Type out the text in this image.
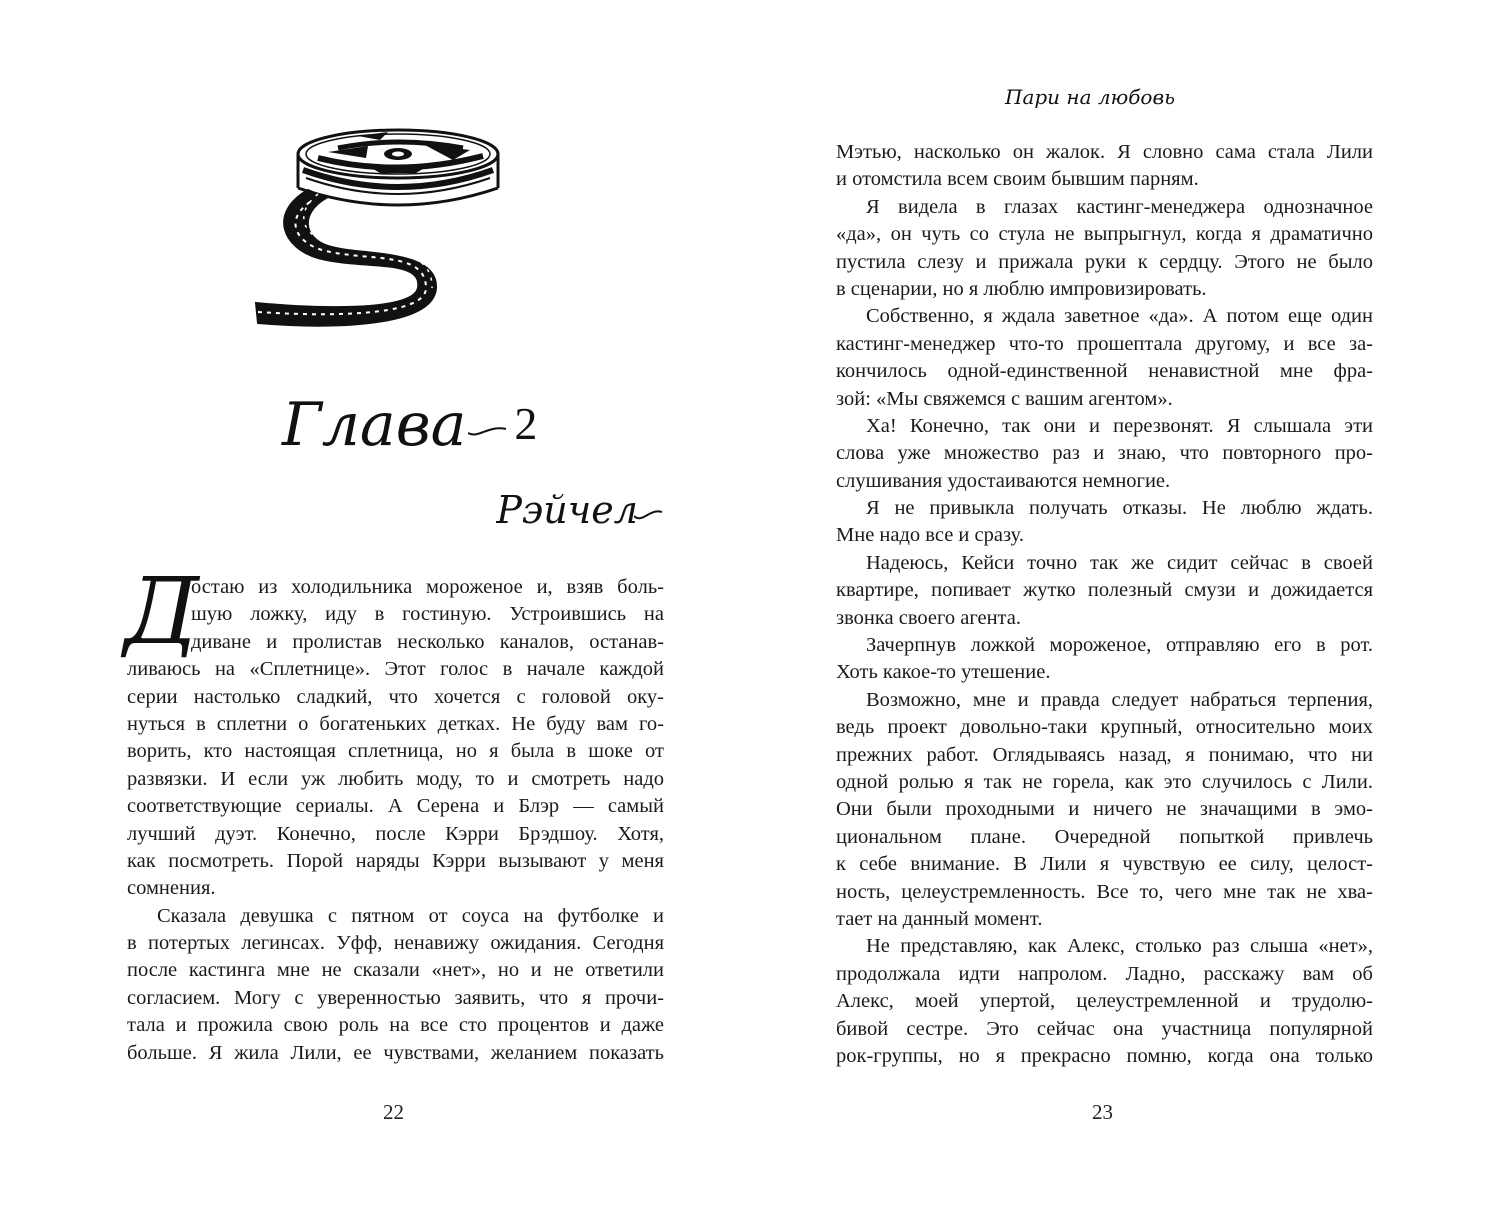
Глава 2
Рэйчел
Д
остаю из холодильника мороженое и, взяв боль-
шую ложку, иду в гостиную. Устроившись на
диване и пролистав несколько каналов, останав-
ливаюсь на «Сплетнице». Этот голос в начале каждой
серии настолько сладкий, что хочется с головой оку-
нуться в сплетни о богатеньких детках. Не буду вам го-
ворить, кто настоящая сплетница, но я была в шоке от
развязки. И если уж любить моду, то и смотреть надо
соответствующие сериалы. А Серена и Блэр — самый
лучший дуэт. Конечно, после Кэрри Брэдшоу. Хотя,
как посмотреть. Порой наряды Кэрри вызывают у меня
сомнения.
Сказала девушка с пятном от соуса на футболке и
в потертых легинсах. Уфф, ненавижу ожидания. Сегодня
после кастинга мне не сказали «нет», но и не ответили
согласием. Могу с уверенностью заявить, что я прочи-
тала и прожила свою роль на все сто процентов и даже
больше. Я жила Лили, ее чувствами, желанием показать
22
Пари на любовь
Мэтью, насколько он жалок. Я словно сама стала Лили
и отомстила всем своим бывшим парням.
Я видела в глазах кастинг-менеджера однозначное
«да», он чуть со стула не выпрыгнул, когда я драматично
пустила слезу и прижала руки к сердцу. Этого не было
в сценарии, но я люблю импровизировать.
Собственно, я ждала заветное «да». А потом еще один
кастинг-менеджер что-то прошептала другому, и все за-
кончилось одной-единственной ненавистной мне фра-
зой: «Мы свяжемся с вашим агентом».
Ха! Конечно, так они и перезвонят. Я слышала эти
слова уже множество раз и знаю, что повторного про-
слушивания удостаиваются немногие.
Я не привыкла получать отказы. Не люблю ждать.
Мне надо все и сразу.
Надеюсь, Кейси точно так же сидит сейчас в своей
квартире, попивает жутко полезный смузи и дожидается
звонка своего агента.
Зачерпнув ложкой мороженое, отправляю его в рот.
Хоть какое-то утешение.
Возможно, мне и правда следует набраться терпения,
ведь проект довольно-таки крупный, относительно моих
прежних работ. Оглядываясь назад, я понимаю, что ни
одной ролью я так не горела, как это случилось с Лили.
Они были проходными и ничего не значащими в эмо-
циональном плане. Очередной попыткой привлечь
к себе внимание. В Лили я чувствую ее силу, целост-
ность, целеустремленность. Все то, чего мне так не хва-
тает на данный момент.
Не представляю, как Алекс, столько раз слыша «нет»,
продолжала идти напролом. Ладно, расскажу вам об
Алекс, моей упертой, целеустремленной и трудолю-
бивой сестре. Это сейчас она участница популярной
рок-группы, но я прекрасно помню, когда она только
23
